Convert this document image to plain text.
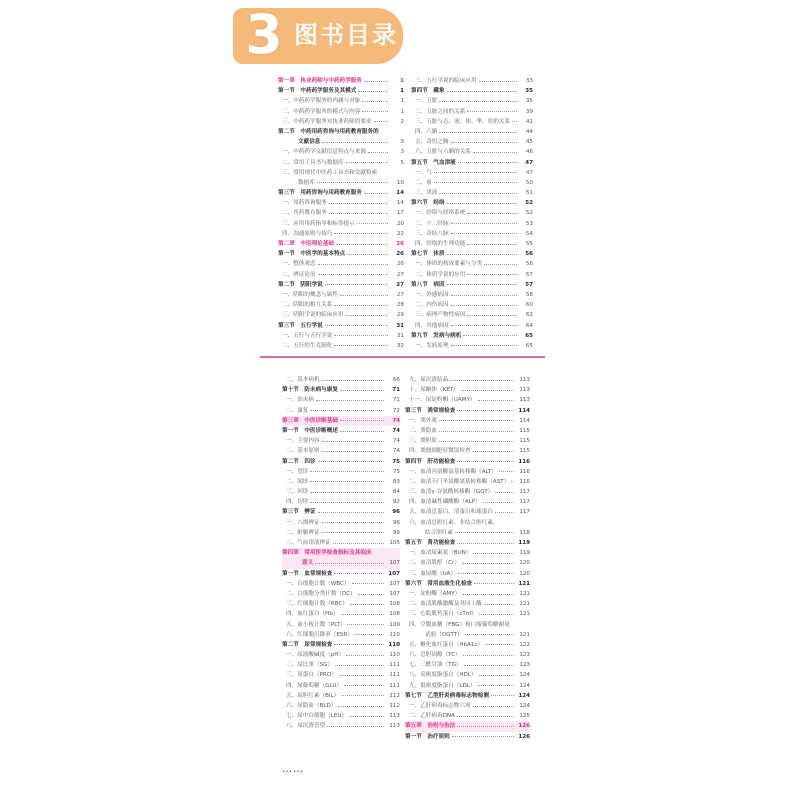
3 图书目录
第一章　执业药师与中药药学服务	1
第一节　中药药学服务及其模式	1
一、中药药学服务的内涵与对象	1
二、中药药学服务的模式与内容	1
三、中药药学服务对执业药师的要求	2
第二节　中药用药咨询与用药教育服务的
文献信息	3
一、中药药学文献信息特点与来源	3
二、常用工具书与数据库	5
三、常用现代中医药工具书和文献检索
数据库	10
第三节　用药咨询与用药教育服务	14
一、用药咨询服务	14
二、用药教育服务	17
三、应用用药指导和标签提示	20
四、沟通原则与技巧	22
第二章　中医理论基础	26
第一节　中医学的基本特点	26
一、整体观念	26
二、辨证论治	27
第二节　阴阳学说	27
一、阴阳的概念与属性	27
二、阴阳的相互关系	28
三、阴阳学说的临床应用	29
第三节　五行学说	31
一、五行与五行学说	31
二、五行的生克制化	32
三、五行学说的临床应用	33
第四节　藏象	35
一、五脏	35
二、五脏之间的关系	39
三、五脏与志、液、体、华、窍的关系	41
四、六腑	44
五、奇恒之腑	45
六、五脏与六腑的关系	46
第五节　气血津液	47
一、气	47
二、血	50
三、津液	51
第六节　经络	52
一、经络与经络系统	52
二、十二经脉	53
三、奇经八脉	54
四、经络的生理功能	55
第七节　体质	56
一、体质的构成要素与分类	56
二、体质学说的应用	57
第八节　病因	57
一、外感病因	58
二、内伤病因	60
三、病理产物性病因	62
四、其他病因	64
第九节　发病与病机	65
一、发病原理	65
二、基本病机	66
第十节　防未病与康复	71
一、治未病	71
二、康复	72
第三章　中医诊断基础	74
第一节　中医诊断概述	74
一、主要内容	74
二、基本原则	74
第二节　四诊	75
一、望诊	75
二、闻诊	83
三、问诊	84
四、切诊	92
第三节　辨证	96
一、八纲辨证	96
二、脏腑辨证	99
三、气血津液辨证	105
第四章　常用医学检查指标及其临床
意义	107
第一节　血常规检查	107
一、白细胞计数（WBC）	107
二、白细胞分类计数（DC）	107
三、红细胞计数（RBC）	108
四、血红蛋白（Hb）	108
五、血小板计数（PLT）	109
六、红细胞沉降率（ESR）	110
第二节　尿常规检查	110
一、尿液酸碱度（pH）	110
二、尿比重（SG）	111
三、尿蛋白（PRO）	111
四、尿葡萄糖（GLU）	111
五、尿胆红素（BIL）	112
六、尿隐血（BLD）	112
七、尿中白细胞（LEU）	113
八、尿沉渣管型	113
九、尿沉渣结晶	113
十、尿酮体（KET）	113
十一、尿淀粉酶（UAMY）	113
第三节　粪常规检查	114
一、粪外观	114
二、粪隐血	115
三、粪胆原	115
四、粪便细胞显微镜检查	115
第四节　肝功能检查	116
一、血清丙氨酸氨基转移酶（ALT）	116
二、血清天门冬氨酸氨基转移酶（AST）	116
三、血清γ-谷氨酰转移酶（GGT）	117
四、血清碱性磷酸酶（ALP）	117
五、血清总蛋白、清蛋白和球蛋白	117
六、血清总胆红素、非结合胆红素、
结合胆红素	118
第五节　肾功能检查	119
一、血清尿素氮（BUN）	119
二、血清肌酐（Cr）	120
三、血尿酸（UA）	120
第六节　常用血液生化检查	121
一、淀粉酶（AMY）	121
二、血清肌酸激酶及其同工酶	121
三、心肌肌钙蛋白（cTnI）	121
四、空腹血糖（FBG）和口服葡萄糖耐量
试验（OGTT）	121
五、糖化血红蛋白（HbA1c）	122
六、总胆固醇（TC）	123
七、三酰甘油（TG）	123
八、高密度脂蛋白（HDL）	124
九、低密度脂蛋白（LDL）	124
第七节　乙型肝炎病毒标志物检测	124
一、乙肝病毒标志物六项	124
二、乙肝病毒DNA	125
第五章　治则与治法	126
第一节　治疗原则	126
……
